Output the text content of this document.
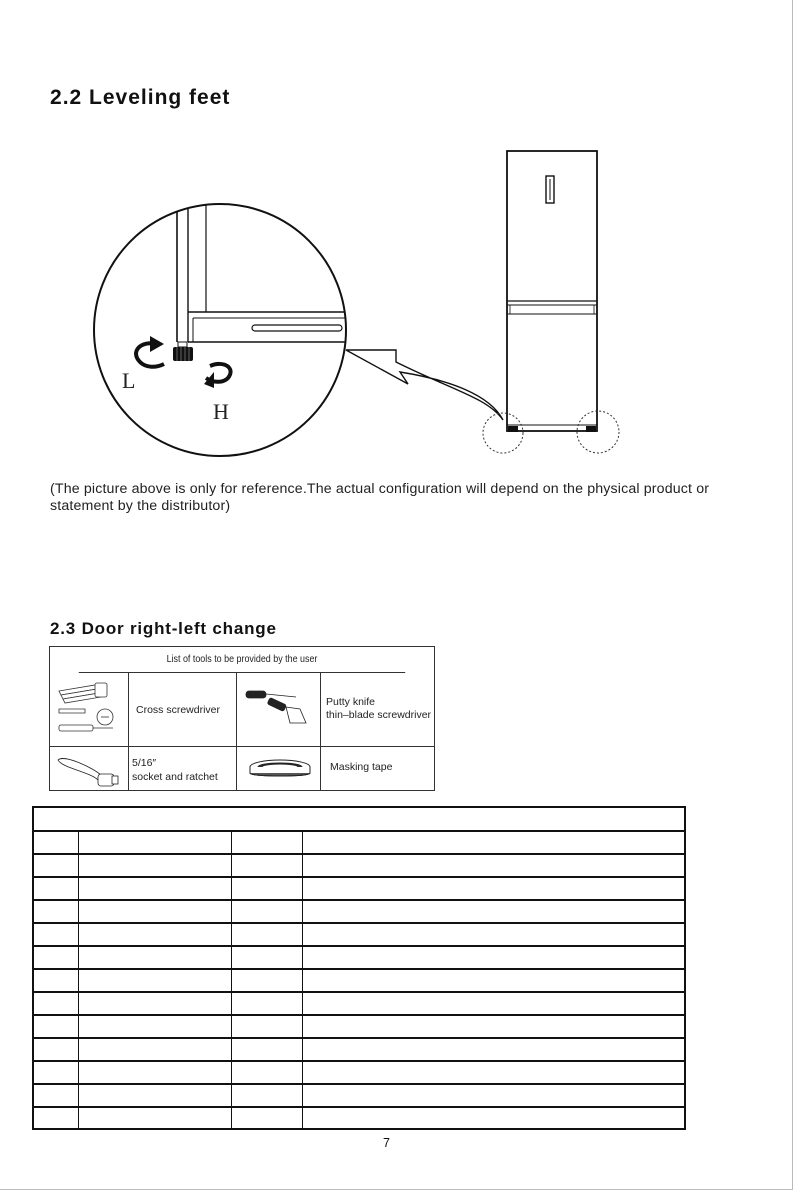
2.2 Leveling feet
L
H
(The picture above is only for reference.The actual configuration will depend on the physical product or statement by the distributor)
2.3 Door right-left change
List of tools to be provided by the user
Cross screwdriver
Putty knife
thin–blade screwdriver
5/16″
socket and ratchet
Masking tape
7
